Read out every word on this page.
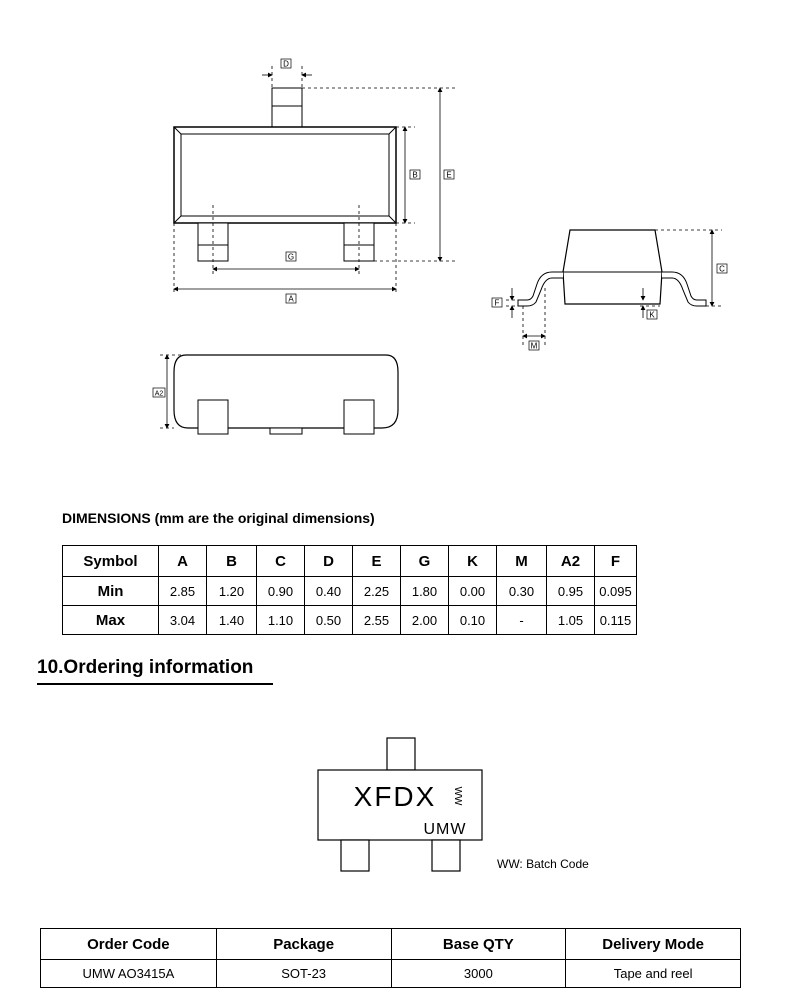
D
B	E
G
A
C
F
K
M
A2
DIMENSIONS (mm are the original dimensions)
Symbol	A	B	C	D	E	G	K	M	A2	F
Min	2.85	1.20	0.90	0.40	2.25	1.80	0.00	0.30	0.95	0.095
Max	3.04	1.40	1.10	0.50	2.55	2.00	0.10	-	1.05	0.115
10.Ordering information
XFDX WW
UMW
WW: Batch Code
Order Code	Package	Base QTY	Delivery Mode
UMW AO3415A	SOT-23	3000	Tape and reel
